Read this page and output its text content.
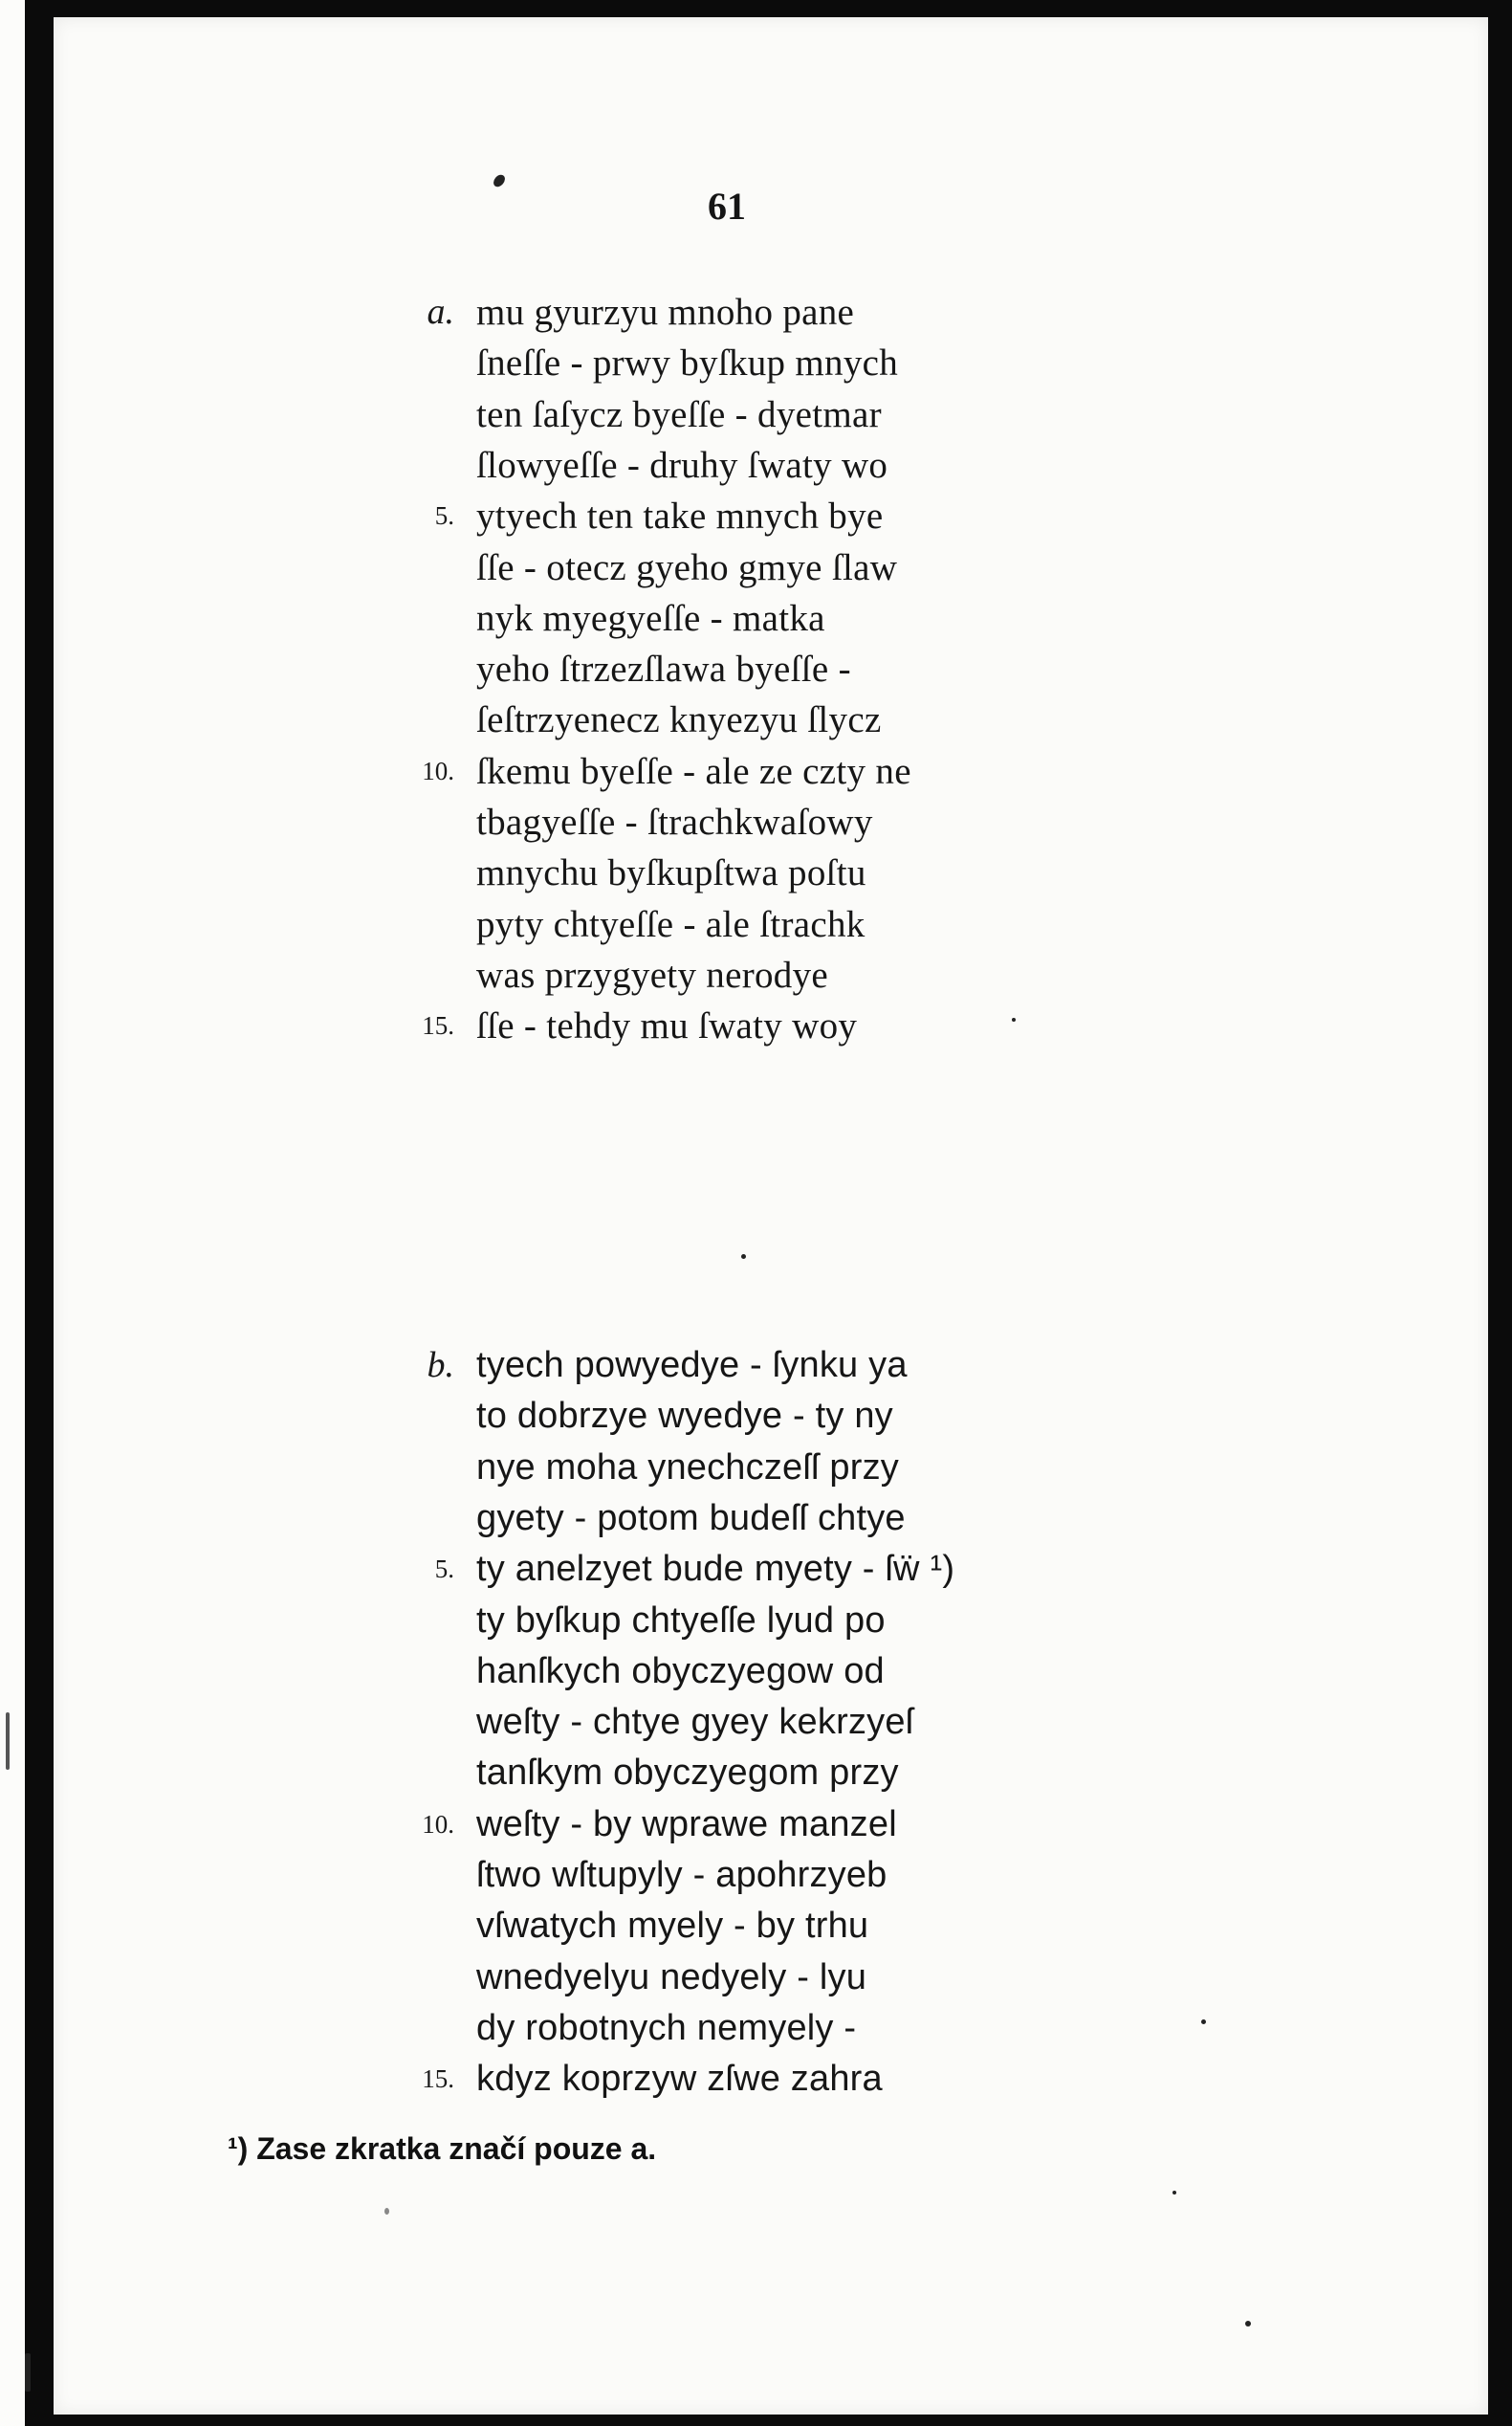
61
a. mu gyurzyu mnoho pane
ſneſſe - prwy byſkup mnych
ten ſaſycz byeſſe - dyetmar
ſlowyeſſe - druhy ſwaty wo
5. ytyech ten take mnych bye
ſſe - otecz gyeho gmye ſlaw
nyk myegyeſſe - matka
yeho ſtrzezſlawa byeſſe -
ſeſtrzyenecz knyezyu ſlycz
10. ſkemu byeſſe - ale ze czty ne
tbagyeſſe - ſtrachkwaſowy
mnychu byſkupſtwa poſtu
pyty chtyeſſe - ale ſtrachk
was przygyety nerodye
15. ſſe - tehdy mu ſwaty woy
b. tyech powyedye - ſynku ya
to dobrzye wyedye - ty ny
nye moha ynechczeſſ przy
gyety - potom budeſſ chtye
5. ty anelzyet bude myety - ſẅ ¹)
ty byſkup chtyeſſe lyud po
hanſkych obyczyegow od
weſty - chtye gyey kekrzyeſ
tanſkym obyczyegom przy
10. weſty - by wprawe manzel
ſtwo wſtupyly - apohrzyeb
vſwatych myely - by trhu
wnedyelyu nedyely - lyu
dy robotnych nemyely -
15. kdyz koprzyw zſwe zahra
¹) Zase zkratka značí pouze a.
